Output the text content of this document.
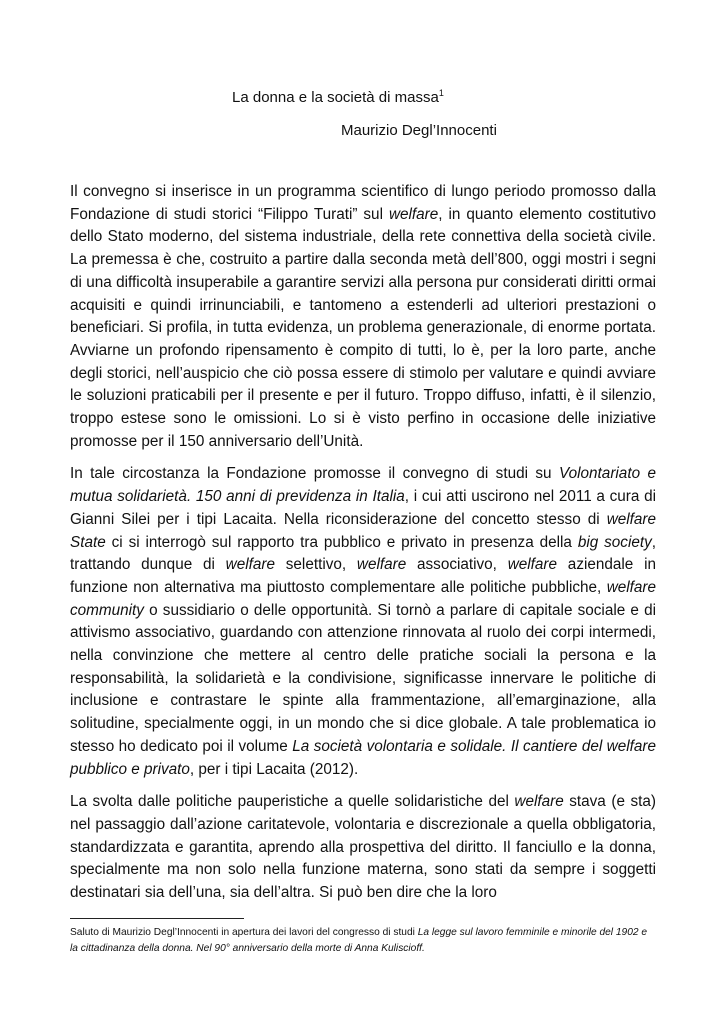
La donna e la società di massa$^1$
Maurizio Degl’Innocenti

Il convegno si inserisce in un programma scientifico di lungo periodo promosso dalla Fondazione di studi storici “Filippo Turati” sul welfare, in quanto elemento costitutivo dello Stato moderno, del sistema industriale, della rete connettiva della società civile. La premessa è che, costruito a partire dalla seconda metà dell’800, oggi mostri i segni di una difficoltà insuperabile a garantire servizi alla persona pur considerati diritti ormai acquisiti e quindi irrinunciabili, e tantomeno a estenderli ad ulteriori prestazioni o beneficiari. Si profila, in tutta evidenza, un problema generazionale, di enorme portata. Avviarne un profondo ripensamento è compito di tutti, lo è, per la loro parte, anche degli storici, nell’auspicio che ciò possa essere di stimolo per valutare e quindi avviare le soluzioni praticabili per il presente e per il futuro. Troppo diffuso, infatti, è il silenzio, troppo estese sono le omissioni. Lo si è visto perfino in occasione delle iniziative promosse per il 150 anniversario dell’Unità.

In tale circostanza la Fondazione promosse il convegno di studi su Volontariato e mutua solidarietà. 150 anni di previdenza in Italia, i cui atti uscirono nel 2011 a cura di Gianni Silei per i tipi Lacaita. Nella riconsiderazione del concetto stesso di welfare State ci si interrogò sul rapporto tra pubblico e privato in presenza della big society, trattando dunque di welfare selettivo, welfare associativo, welfare aziendale in funzione non alternativa ma piuttosto complementare alle politiche pubbliche, welfare community o sussidiario o delle opportunità. Si tornò a parlare di capitale sociale e di attivismo associativo, guardando con attenzione rinnovata al ruolo dei corpi intermedi, nella convinzione che mettere al centro delle pratiche sociali la persona e la responsabilità, la solidarietà e la condivisione, significasse innervare le politiche di inclusione e contrastare le spinte alla frammentazione, all’emarginazione, alla solitudine, specialmente oggi, in un mondo che si dice globale. A tale problematica io stesso ho dedicato poi il volume La società volontaria e solidale. Il cantiere del welfare pubblico e privato, per i tipi Lacaita (2012).

La svolta dalle politiche pauperistiche a quelle solidaristiche del welfare stava (e sta) nel passaggio dall’azione caritatevole, volontaria e discrezionale a quella obbligatoria, standardizzata e garantita, aprendo alla prospettiva del diritto. Il fanciullo e la donna, specialmente ma non solo nella funzione materna, sono stati da sempre i soggetti destinatari sia dell’una, sia dell’altra. Si può ben dire che la loro

Saluto di Maurizio Degl’Innocenti in apertura dei lavori del congresso di studi La legge sul lavoro femminile e minorile del 1902 e la cittadinanza della donna. Nel 90° anniversario della morte di Anna Kuliscioff.
